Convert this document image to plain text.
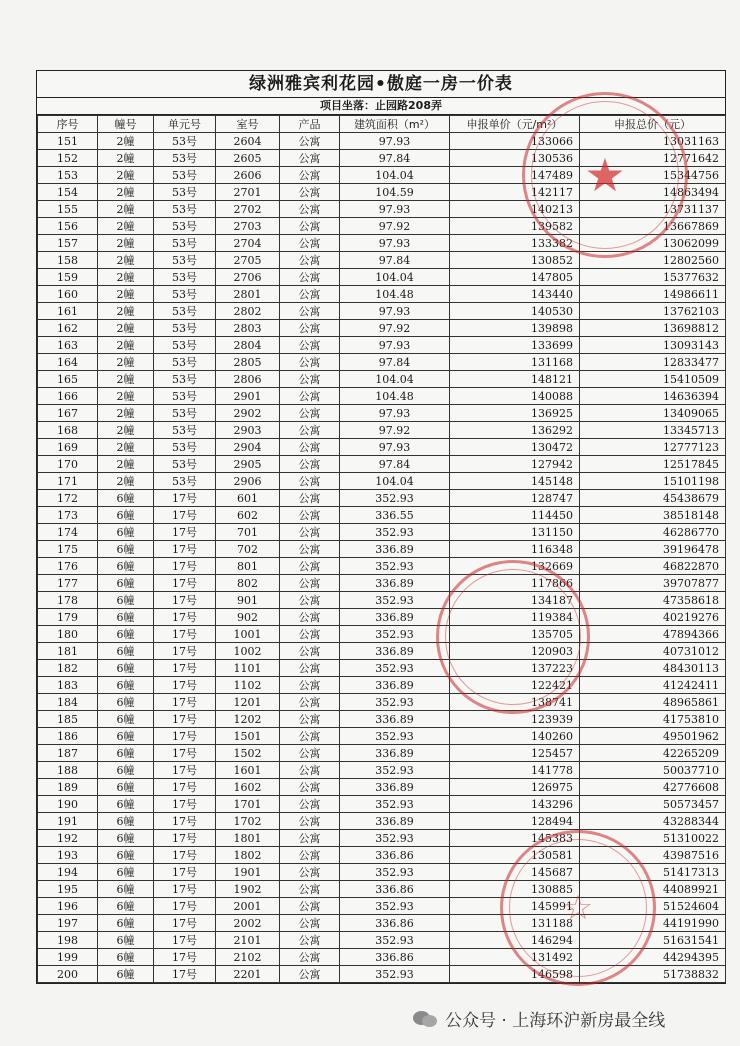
绿洲雅宾利花园•傲庭一房一价表
项目坐落：止园路208弄
序号	幢号	单元号	室号	产品	建筑面积（m²）	申报单价（元/m²）	申报总价（元）
151	2幢	53号	2604	公寓	97.93	133066	13031163
152	2幢	53号	2605	公寓	97.84	130536	12771642
153	2幢	53号	2606	公寓	104.04	147489	15344756
154	2幢	53号	2701	公寓	104.59	142117	14863494
155	2幢	53号	2702	公寓	97.93	140213	13731137
156	2幢	53号	2703	公寓	97.92	139582	13667869
157	2幢	53号	2704	公寓	97.93	133382	13062099
158	2幢	53号	2705	公寓	97.84	130852	12802560
159	2幢	53号	2706	公寓	104.04	147805	15377632
160	2幢	53号	2801	公寓	104.48	143440	14986611
161	2幢	53号	2802	公寓	97.93	140530	13762103
162	2幢	53号	2803	公寓	97.92	139898	13698812
163	2幢	53号	2804	公寓	97.93	133699	13093143
164	2幢	53号	2805	公寓	97.84	131168	12833477
165	2幢	53号	2806	公寓	104.04	148121	15410509
166	2幢	53号	2901	公寓	104.48	140088	14636394
167	2幢	53号	2902	公寓	97.93	136925	13409065
168	2幢	53号	2903	公寓	97.92	136292	13345713
169	2幢	53号	2904	公寓	97.93	130472	12777123
170	2幢	53号	2905	公寓	97.84	127942	12517845
171	2幢	53号	2906	公寓	104.04	145148	15101198
172	6幢	17号	601	公寓	352.93	128747	45438679
173	6幢	17号	602	公寓	336.55	114450	38518148
174	6幢	17号	701	公寓	352.93	131150	46286770
175	6幢	17号	702	公寓	336.89	116348	39196478
176	6幢	17号	801	公寓	352.93	132669	46822870
177	6幢	17号	802	公寓	336.89	117866	39707877
178	6幢	17号	901	公寓	352.93	134187	47358618
179	6幢	17号	902	公寓	336.89	119384	40219276
180	6幢	17号	1001	公寓	352.93	135705	47894366
181	6幢	17号	1002	公寓	336.89	120903	40731012
182	6幢	17号	1101	公寓	352.93	137223	48430113
183	6幢	17号	1102	公寓	336.89	122421	41242411
184	6幢	17号	1201	公寓	352.93	138741	48965861
185	6幢	17号	1202	公寓	336.89	123939	41753810
186	6幢	17号	1501	公寓	352.93	140260	49501962
187	6幢	17号	1502	公寓	336.89	125457	42265209
188	6幢	17号	1601	公寓	352.93	141778	50037710
189	6幢	17号	1602	公寓	336.89	126975	42776608
190	6幢	17号	1701	公寓	352.93	143296	50573457
191	6幢	17号	1702	公寓	336.89	128494	43288344
192	6幢	17号	1801	公寓	352.93	145383	51310022
193	6幢	17号	1802	公寓	336.86	130581	43987516
194	6幢	17号	1901	公寓	352.93	145687	51417313
195	6幢	17号	1902	公寓	336.86	130885	44089921
196	6幢	17号	2001	公寓	352.93	145991	51524604
197	6幢	17号	2002	公寓	336.86	131188	44191990
198	6幢	17号	2101	公寓	352.93	146294	51631541
199	6幢	17号	2102	公寓	336.86	131492	44294395
200	6幢	17号	2201	公寓	352.93	146598	51738832
★
☆
公众号 · 上海环沪新房最全线
